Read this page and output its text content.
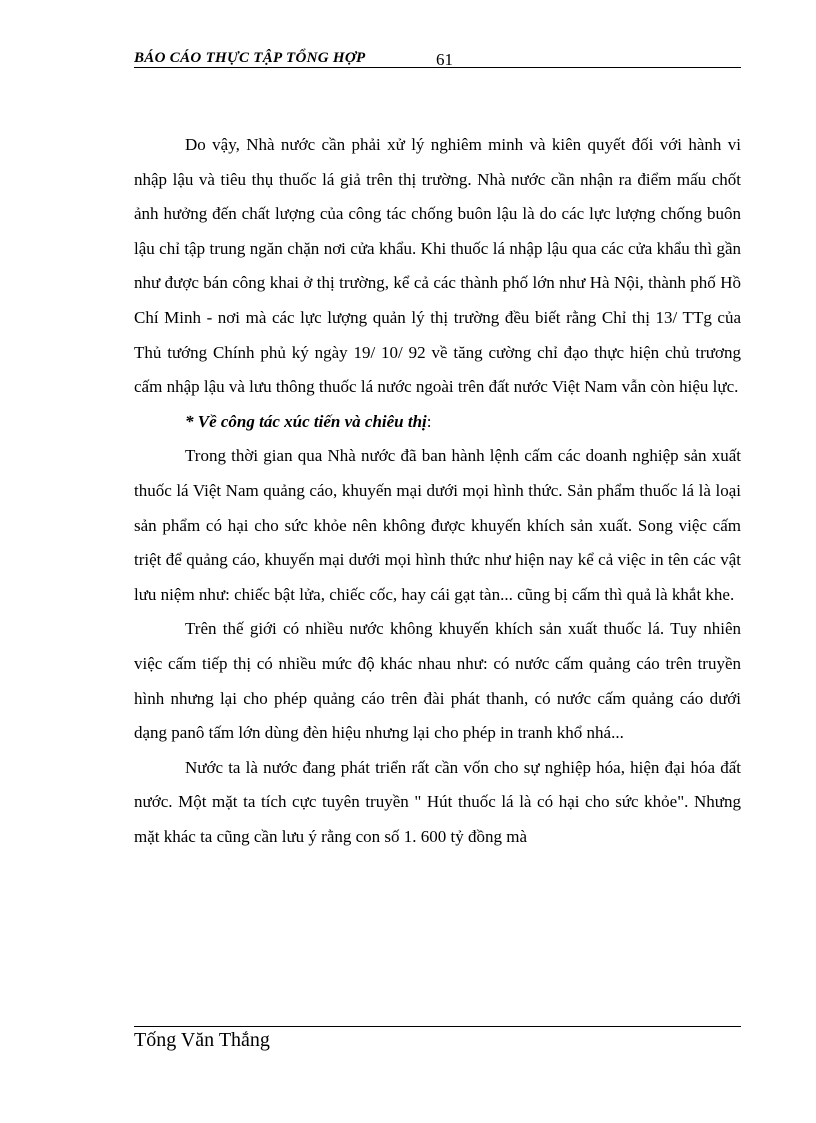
BÁO CÁO THỰC TẬP TỔNG HỢP	61

Do vậy, Nhà nước cần phải xử lý nghiêm minh và kiên quyết đối với hành vi nhập lậu và tiêu thụ thuốc lá giả trên thị trường. Nhà nước cần nhận ra điểm mấu chốt ảnh hưởng đến chất lượng của công tác chống buôn lậu là do các lực lượng chống buôn lậu chỉ tập trung ngăn chặn nơi cửa khẩu. Khi thuốc lá nhập lậu qua các cửa khẩu thì gần như được bán công khai ở thị trường, kể cả các thành phố lớn như Hà Nội, thành phố Hồ Chí Minh - nơi mà các lực lượng quản lý thị trường đều biết rằng Chỉ thị 13/ TTg của Thủ tướng Chính phủ ký ngày 19/ 10/ 92 về tăng cường chỉ đạo thực hiện chủ trương cấm nhập lậu và lưu thông thuốc lá nước ngoài trên đất nước Việt Nam vẫn còn hiệu lực.

* Về công tác xúc tiến và chiêu thị:

Trong thời gian qua Nhà nước đã ban hành lệnh cấm các doanh nghiệp sản xuất thuốc lá Việt Nam quảng cáo, khuyến mại dưới mọi hình thức. Sản phẩm thuốc lá là loại sản phẩm có hại cho sức khỏe nên không được khuyến khích sản xuất. Song việc cấm triệt để quảng cáo, khuyến mại dưới mọi hình thức như hiện nay kể cả việc in tên các vật lưu niệm như: chiếc bật lửa, chiếc cốc, hay cái gạt tàn... cũng bị cấm thì quả là khắt khe.

Trên thế giới có nhiều nước không khuyến khích sản xuất thuốc lá. Tuy nhiên việc cấm tiếp thị có nhiều mức độ khác nhau như: có nước cấm quảng cáo trên truyền hình nhưng lại cho phép quảng cáo trên đài phát thanh, có nước cấm quảng cáo dưới dạng panô tấm lớn dùng đèn hiệu nhưng lại cho phép in tranh khổ nhá...

Nước ta là nước đang phát triển rất cần vốn cho sự nghiệp hóa, hiện đại hóa đất nước. Một mặt ta tích cực tuyên truyền " Hút thuốc lá là có hại cho sức khỏe". Nhưng mặt khác ta cũng cần lưu ý rằng con số 1. 600 tỷ đồng mà

Tống Văn Thắng
